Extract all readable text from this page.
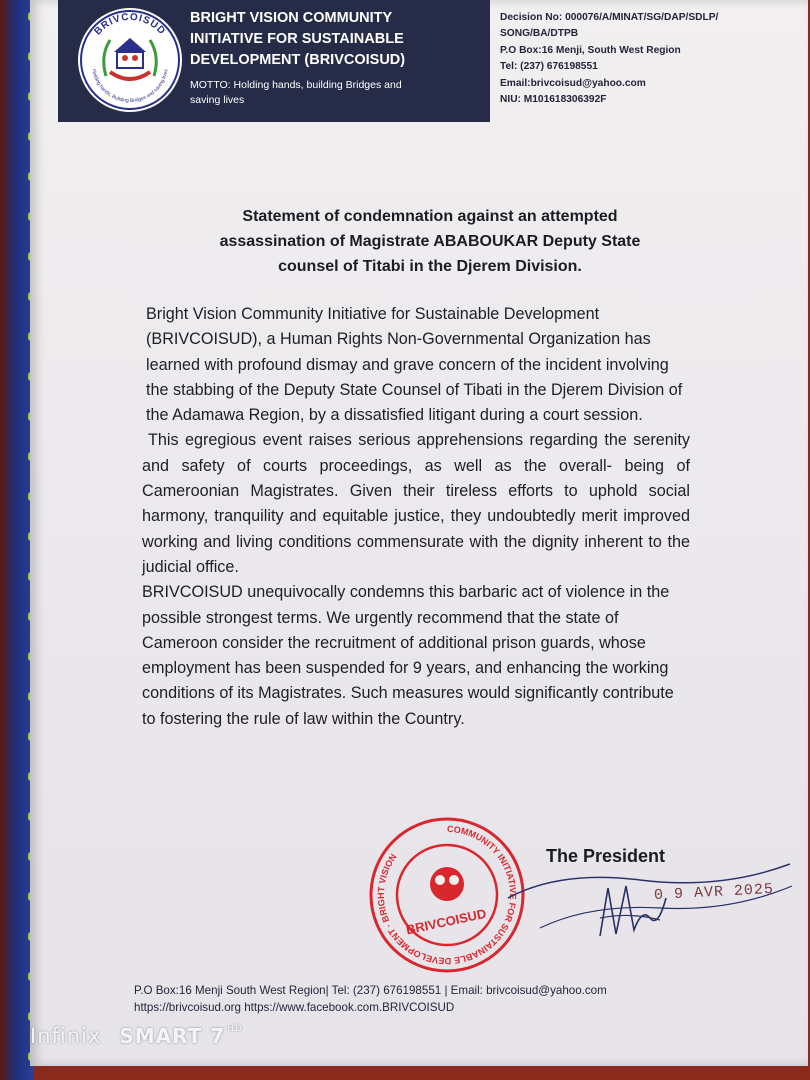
BRIVCOISUD
Holding hands, Building Bridges and saving lives

BRIGHT VISION COMMUNITY
INITIATIVE FOR SUSTAINABLE
DEVELOPMENT (BRIVCOISUD)

MOTTO: Holding hands, building Bridges and
saving lives

Decision No: 000076/A/MINAT/SG/DAP/SDLP/
SONG/BA/DTPB
P.O Box:16 Menji, South West Region
Tel: (237) 676198551
Email:brivcoisud@yahoo.com
NIU: M101618306392F
Statement of condemnation against an attempted
assassination of Magistrate ABABOUKAR Deputy State
counsel of Titabi in the Djerem Division.

Bright Vision Community Initiative for Sustainable Development (BRIVCOISUD), a Human Rights Non-Governmental Organization has learned with profound dismay and grave concern of the incident involving the stabbing of the Deputy State Counsel of Tibati in the Djerem Division of the Adamawa Region, by a dissatisfied litigant during a court session.

This egregious event raises serious apprehensions regarding the serenity and safety of courts proceedings, as well as the overall- being of Cameroonian Magistrates. Given their tireless efforts to uphold social harmony, tranquility and equitable justice, they undoubtedly merit improved working and living conditions commensurate with the dignity inherent to the judicial office.

BRIVCOISUD unequivocally condemns this barbaric act of violence in the possible strongest terms. We urgently recommend that the state of Cameroon consider the recruitment of additional prison guards, whose employment has been suspended for 9 years, and enhancing the working conditions of its Magistrates. Such measures would significantly contribute to fostering the rule of law within the Country.

COMMUNITY INITIATIVE FOR SUSTAINABLE DEVELOPMENT · BRIGHT VISION
BRIVCOISUD
The President
0 9 AVR 2025
P.O Box:16 Menji South West Region| Tel: (237) 676198551 | Email: brivcoisud@yahoo.com
https://brivcoisud.org https://www.facebook.com.BRIVCOISUD
Infinix SMART 7 $^{HD}$
